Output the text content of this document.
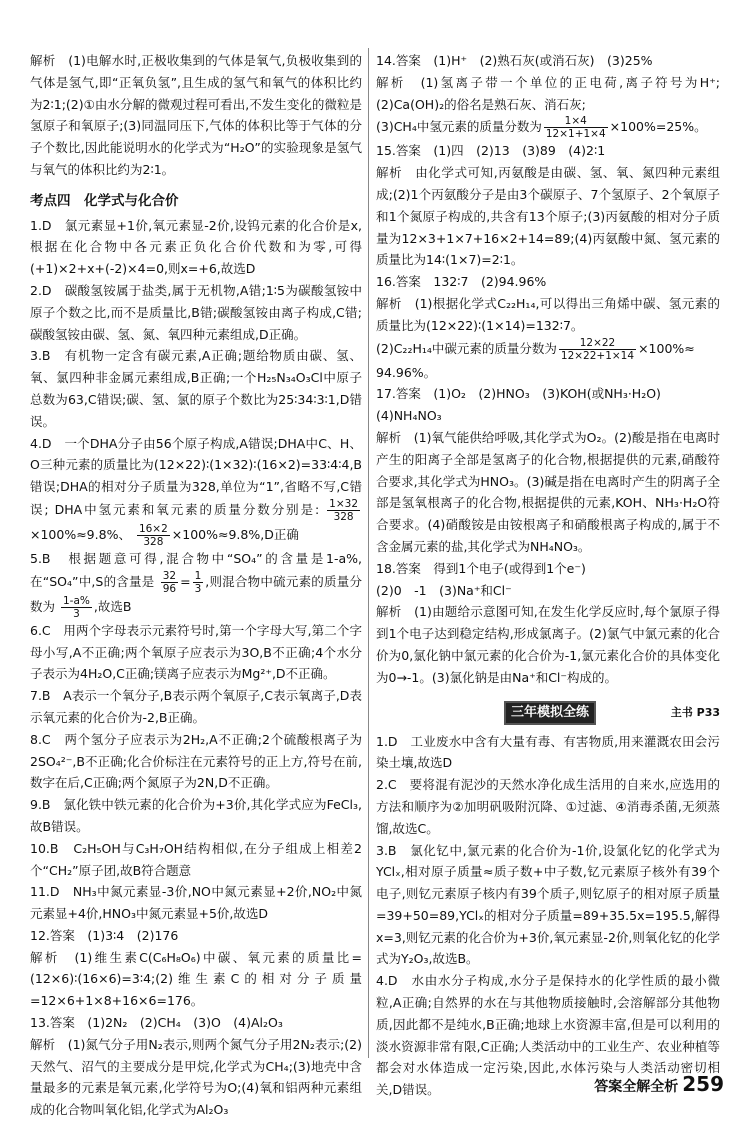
解析　(1)电解水时,正极收集到的气体是氧气,负极收集到的气体是氢气,即“正氧负氢”,且生成的氢气和氧气的体积比约为2∶1;(2)①由水分解的微观过程可看出,不发生变化的微粒是氢原子和氧原子;(3)同温同压下,气体的体积比等于气体的分子个数比,因此能说明水的化学式为“H₂O”的实验现象是氢气与氧气的体积比约为2∶1。
考点四　化学式与化合价
1.D　氯元素显+1价,氧元素显-2价,设钨元素的化合价是x,根据在化合物中各元素正负化合价代数和为零,可得(+1)×2+x+(-2)×4=0,则x=+6,故选D
2.D　碳酸氢铵属于盐类,属于无机物,A错;1∶5为碳酸氢铵中原子个数之比,而不是质量比,B错;碳酸氢铵由离子构成,C错;碳酸氢铵由碳、氢、氮、氧四种元素组成,D正确。
3.B　有机物一定含有碳元素,A正确;题给物质由碳、氢、氧、氯四种非金属元素组成,B正确;一个H₂₅N₃₄O₃Cl中原子总数为63,C错误;碳、氢、氯的原子个数比为25∶34∶3∶1,D错误。
4.D　一个DHA分子由56个原子构成,A错误;DHA中C、H、O三种元素的质量比为(12×22)∶(1×32)∶(16×2)=33∶4∶4,B错误;DHA的相对分子质量为328,单位为“1”,省略不写,C错误; DHA中氢元素和氧元素的质量分数分别是: $\frac{1\times 32}{328}$
×100%≈9.8%、 $\frac{16\times 2}{328} \times 100\%\approx 9.8\%,D$正确
5.B　根据题意可得,混合物中“SO₄”的含量是1-a%,在“SO₄”中,S的含量是 $\frac{32}{96} = \frac{1}{3}$ ,则混合物中硫元素的质量分数为 $\frac{1-a\%}{3}$ ,故选B
6.C　用两个字母表示元素符号时,第一个字母大写,第二个字母小写,A不正确;两个氧原子应表示为3O,B不正确;4个水分子表示为4H₂O,C正确;镁离子应表示为Mg²⁺,D不正确。
7.B　A表示一个氧分子,B表示两个氧原子,C表示氧离子,D表示氧元素的化合价为-2,B正确。
8.C　两个氢分子应表示为2H₂,A不正确;2个硫酸根离子为2SO₄²⁻,B不正确;化合价标注在元素符号的正上方,符号在前,数字在后,C正确;两个氮原子为2N,D不正确。
9.B　氯化铁中铁元素的化合价为+3价,其化学式应为FeCl₃,故B错误。
10.B　C₂H₅OH与C₃H₇OH结构相似,在分子组成上相差2个“CH₂”原子团,故B符合题意
11.D　NH₃中氮元素显-3价,NO中氮元素显+2价,NO₂中氮元素显+4价,HNO₃中氮元素显+5价,故选D
12.答案　(1)3∶4　(2)176
解析　(1)维生素C(C₆H₈O₆)中碳、氧元素的质量比=(12×6)∶(16×6)=3∶4;(2)维生素C的相对分子质量=12×6+1×8+16×6=176。
13.答案　(1)2N₂　(2)CH₄　(3)O　(4)Al₂O₃
解析　(1)氮气分子用N₂表示,则两个氮气分子用2N₂表示;(2)天然气、沼气的主要成分是甲烷,化学式为CH₄;(3)地壳中含量最多的元素是氧元素,化学符号为O;(4)氧和铝两种元素组成的化合物叫氧化铝,化学式为Al₂O₃
14.答案　(1)H⁺　(2)熟石灰(或消石灰)　(3)25%
解析　(1)氢离子带一个单位的正电荷,离子符号为H⁺;(2)Ca(OH)₂的俗名是熟石灰、消石灰;
(3)CH₄中氢元素的质量分数为 $\frac{1\times 4}{12\times 1+1\times 4} \times 100\%=25\%$。
15.答案　(1)四　(2)13　(3)89　(4)2∶1
解析　由化学式可知,丙氨酸是由碳、氢、氧、氮四种元素组成;(2)1个丙氨酸分子是由3个碳原子、7个氢原子、2个氧原子和1个氮原子构成的,共含有13个原子;(3)丙氨酸的相对分子质量为12×3+1×7+16×2+14=89;(4)丙氨酸中氮、氢元素的质量比为14∶(1×7)=2∶1。
16.答案　132∶7　(2)94.96%
解析　(1)根据化学式C₂₂H₁₄,可以得出三角烯中碳、氢元素的质量比为(12×22)∶(1×14)=132∶7。
(2)C₂₂H₁₄中碳元素的质量分数为 $\frac{12\times 22}{12\times 22+1\times 14} \times 100\%\approx$
94.96%。
17.答案　(1)O₂　(2)HNO₃　(3)KOH(或NH₃·H₂O)
(4)NH₄NO₃
解析　(1)氧气能供给呼吸,其化学式为O₂。(2)酸是指在电离时产生的阳离子全部是氢离子的化合物,根据提供的元素,硝酸符合要求,其化学式为HNO₃。(3)碱是指在电离时产生的阴离子全部是氢氧根离子的化合物,根据提供的元素,KOH、NH₃·H₂O符合要求。(4)硝酸铵是由铵根离子和硝酸根离子构成的,属于不含金属元素的盐,其化学式为NH₄NO₃。
18.答案　得到1个电子(或得到1个e⁻)
(2)0　-1　(3)Na⁺和Cl⁻
解析　(1)由题给示意图可知,在发生化学反应时,每个氯原子得到1个电子达到稳定结构,形成氯离子。(2)氯气中氯元素的化合价为0,氯化钠中氯元素的化合价为-1,氯元素化合价的具体变化为0→-1。(3)氯化钠是由Na⁺和Cl⁻构成的。
三年模拟全练	主书 P33
1.D　工业废水中含有大量有毒、有害物质,用来灌溉农田会污染土壤,故选D
2.C　要将混有泥沙的天然水净化成生活用的自来水,应选用的方法和顺序为②加明矾吸附沉降、①过滤、④消毒杀菌,无须蒸馏,故选C。
3.B　氯化钇中,氯元素的化合价为-1价,设氯化钇的化学式为YClₓ,相对原子质量≈质子数+中子数,钇元素原子核外有39个电子,则钇元素原子核内有39个质子,则钇原子的相对原子质量=39+50=89,YClₓ的相对分子质量=89+35.5x=195.5,解得x=3,则钇元素的化合价为+3价,氧元素显-2价,则氧化钇的化学式为Y₂O₃,故选B。
4.D　水由水分子构成,水分子是保持水的化学性质的最小微粒,A正确;自然界的水在与其他物质接触时,会溶解部分其他物质,因此都不是纯水,B正确;地球上水资源丰富,但是可以利用的淡水资源非常有限,C正确;人类活动中的工业生产、农业种植等都会对水体造成一定污染,因此,水体污染与人类活动密切相关,D错误。	答案全解全析 259
